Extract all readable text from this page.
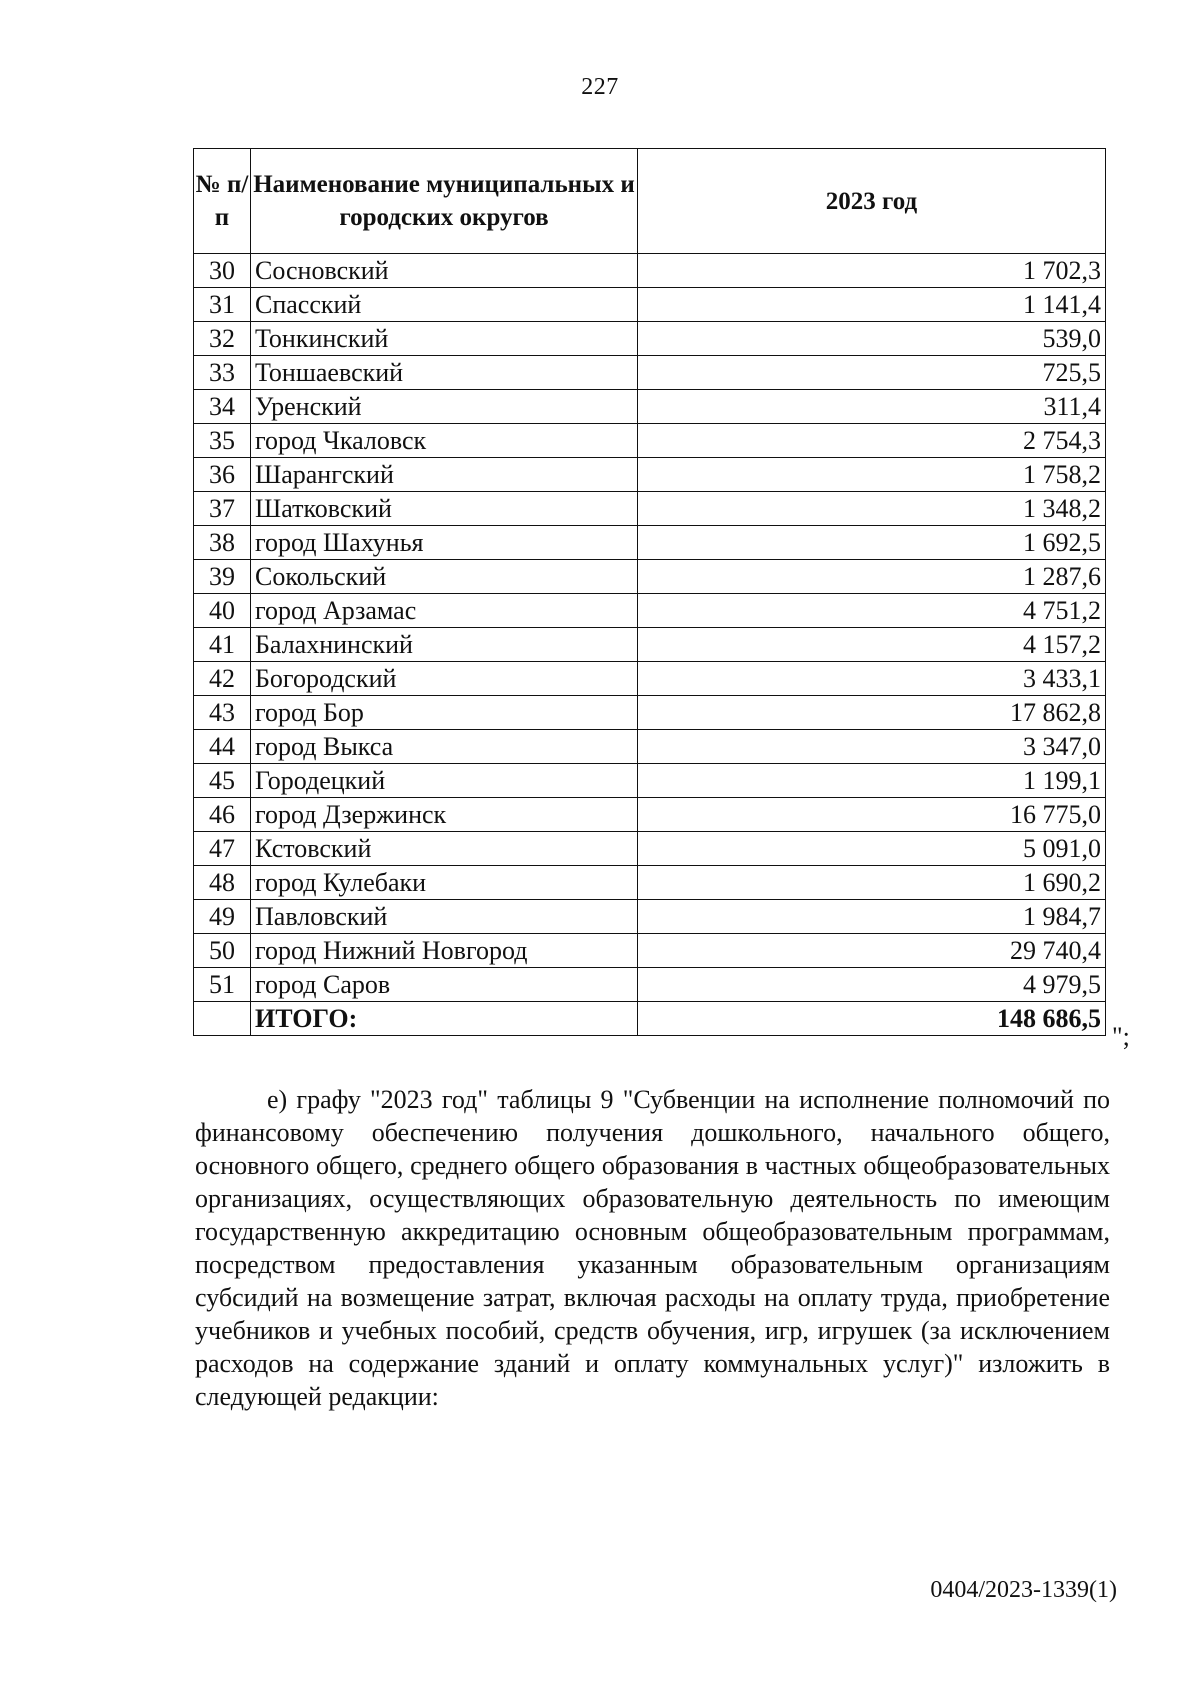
227
№ п/п	Наименование муниципальных и городских округов	2023 год
30	Сосновский	1 702,3
31	Спасский	1 141,4
32	Тонкинский	539,0
33	Тоншаевский	725,5
34	Уренский	311,4
35	город Чкаловск	2 754,3
36	Шарангский	1 758,2
37	Шатковский	1 348,2
38	город Шахунья	1 692,5
39	Сокольский	1 287,6
40	город Арзамас	4 751,2
41	Балахнинский	4 157,2
42	Богородский	3 433,1
43	город Бор	17 862,8
44	город Выкса	3 347,0
45	Городецкий	1 199,1
46	город Дзержинск	16 775,0
47	Кстовский	5 091,0
48	город Кулебаки	1 690,2
49	Павловский	1 984,7
50	город Нижний Новгород	29 740,4
51	город Саров	4 979,5
	ИТОГО:	148 686,5
";

е) графу "2023 год" таблицы 9 "Субвенции на исполнение полномочий по финансовому обеспечению получения дошкольного, начального общего, основного общего, среднего общего образования в частных общеобразовательных организациях, осуществляющих образовательную деятельность по имеющим государственную аккредитацию основным общеобразовательным программам, посредством предоставления указанным образовательным организациям субсидий на возмещение затрат, включая расходы на оплату труда, приобретение учебников и учебных пособий, средств обучения, игр, игрушек (за исключением расходов на содержание зданий и оплату коммунальных услуг)" изложить в следующей редакции:

0404/2023-1339(1)
